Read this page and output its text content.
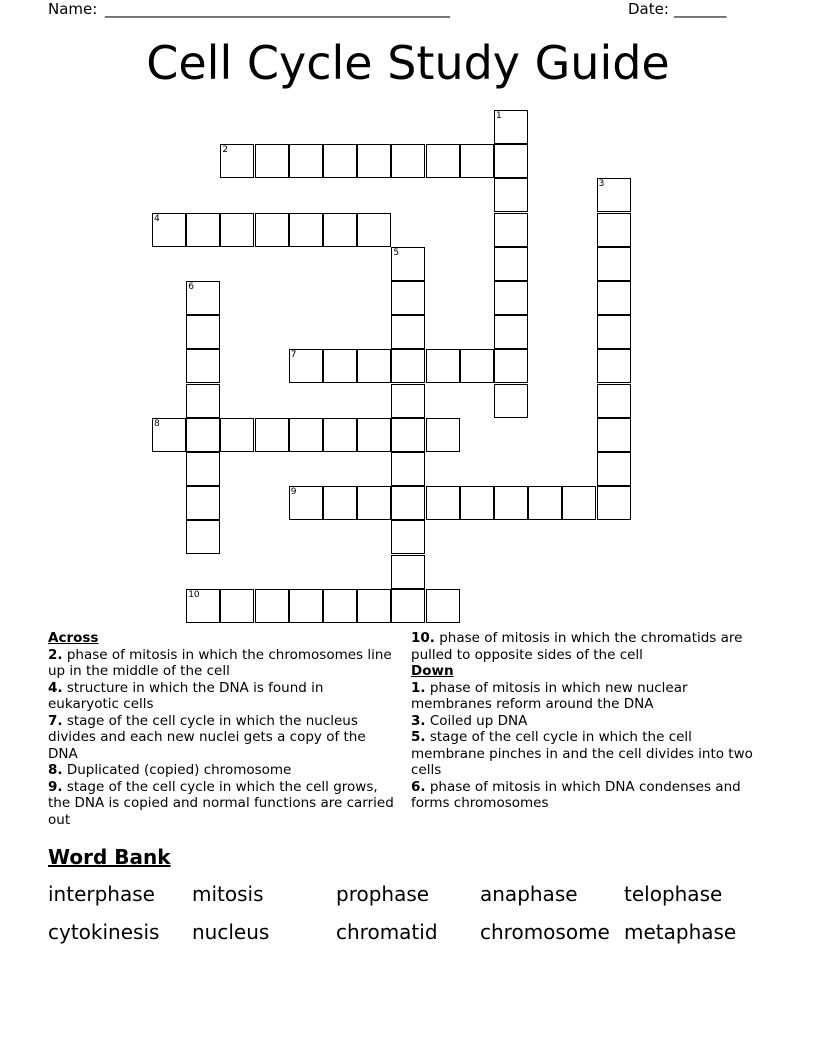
Name: ______________________________________________	Date: _______
Cell Cycle Study Guide
1
2
3
4
5
6
7
8
9
10
Across
2. phase of mitosis in which the chromosomes line up in the middle of the cell
4. structure in which the DNA is found in eukaryotic cells
7. stage of the cell cycle in which the nucleus divides and each new nuclei gets a copy of the DNA
8. Duplicated (copied) chromosome
9. stage of the cell cycle in which the cell grows, the DNA is copied and normal functions are carried out
10. phase of mitosis in which the chromatids are pulled to opposite sides of the cell
Down
1. phase of mitosis in which new nuclear membranes reform around the DNA
3. Coiled up DNA
5. stage of the cell cycle in which the cell membrane pinches in and the cell divides into two cells
6. phase of mitosis in which DNA condenses and forms chromosomes
Word Bank
interphase mitosis	prophase	anaphase telophase
cytokinesis nucleus	chromatid chromosome metaphase
